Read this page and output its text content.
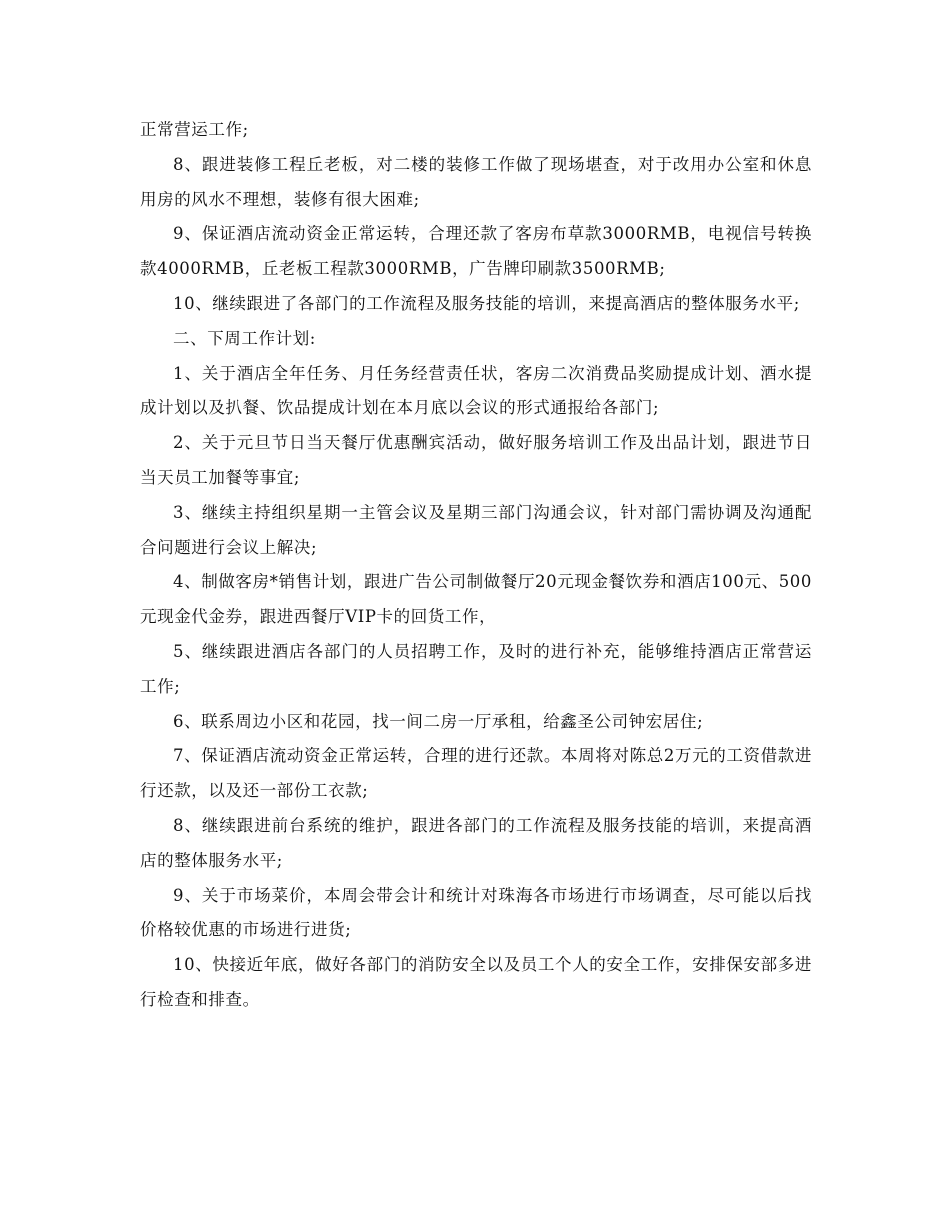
正常营运工作;

8、跟进装修工程丘老板，对二楼的装修工作做了现场堪查，对于改用办公室和休息用房的风水不理想，装修有很大困难;

9、保证酒店流动资金正常运转，合理还款了客房布草款3000RMB，电视信号转换款4000RMB，丘老板工程款3000RMB，广告牌印刷款3500RMB;

10、继续跟进了各部门的工作流程及服务技能的培训，来提高酒店的整体服务水平;

二、下周工作计划:

1、关于酒店全年任务、月任务经营责任状，客房二次消费品奖励提成计划、酒水提成计划以及扒餐、饮品提成计划在本月底以会议的形式通报给各部门;

2、关于元旦节日当天餐厅优惠酬宾活动，做好服务培训工作及出品计划，跟进节日当天员工加餐等事宜;

3、继续主持组织星期一主管会议及星期三部门沟通会议，针对部门需协调及沟通配合问题进行会议上解决;

4、制做客房*销售计划，跟进广告公司制做餐厅20元现金餐饮券和酒店100元、500元现金代金券，跟进西餐厅VIP卡的回货工作，

5、继续跟进酒店各部门的人员招聘工作，及时的进行补充，能够维持酒店正常营运工作;

6、联系周边小区和花园，找一间二房一厅承租，给鑫圣公司钟宏居住;

7、保证酒店流动资金正常运转，合理的进行还款。本周将对陈总2万元的工资借款进行还款，以及还一部份工衣款;

8、继续跟进前台系统的维护，跟进各部门的工作流程及服务技能的培训，来提高酒店的整体服务水平;

9、关于市场菜价，本周会带会计和统计对珠海各市场进行市场调查，尽可能以后找价格较优惠的市场进行进货;

10、快接近年底，做好各部门的消防安全以及员工个人的安全工作，安排保安部多进行检查和排查。
